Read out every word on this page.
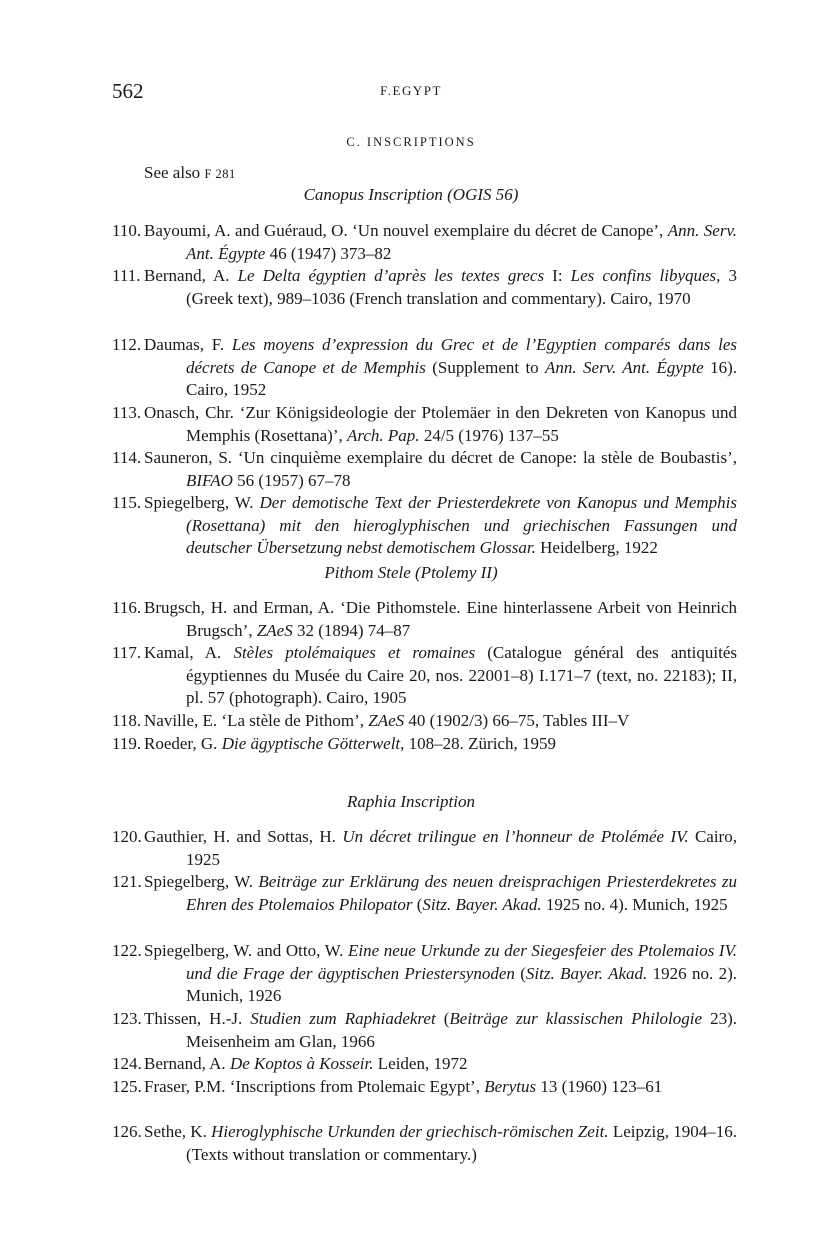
562	F.EGYPT
C. INSCRIPTIONS
See also F 281
Canopus Inscription (OGIS 56)
110. Bayoumi, A. and Guéraud, O. ‘Un nouvel exemplaire du décret de Canope’, Ann. Serv. Ant. Égypte 46 (1947) 373–82
111. Bernand, A. Le Delta égyptien d’après les textes grecs I: Les confins libyques, 3 (Greek text), 989–1036 (French translation and commentary). Cairo, 1970
112. Daumas, F. Les moyens d’expression du Grec et de l’Egyptien comparés dans les décrets de Canope et de Memphis (Supplement to Ann. Serv. Ant. Égypte 16). Cairo, 1952
113. Onasch, Chr. ‘Zur Königsideologie der Ptolemäer in den Dekreten von Kanopus und Memphis (Rosettana)’, Arch. Pap. 24/5 (1976) 137–55
114. Sauneron, S. ‘Un cinquième exemplaire du décret de Canope: la stèle de Boubastis’, BIFAO 56 (1957) 67–78
115. Spiegelberg, W. Der demotische Text der Priesterdekrete von Kanopus und Memphis (Rosettana) mit den hieroglyphischen und griechischen Fassungen und deutscher Übersetzung nebst demotischem Glossar. Heidelberg, 1922
Pithom Stele (Ptolemy II)
116. Brugsch, H. and Erman, A. ‘Die Pithomstele. Eine hinterlassene Arbeit von Heinrich Brugsch’, ZAeS 32 (1894) 74–87
117. Kamal, A. Stèles ptolémaiques et romaines (Catalogue général des antiquités égyptiennes du Musée du Caire 20, nos. 22001–8) I.171–7 (text, no. 22183); II, pl. 57 (photograph). Cairo, 1905
118. Naville, E. ‘La stèle de Pithom’, ZAeS 40 (1902/3) 66–75, Tables III–V
119. Roeder, G. Die ägyptische Götterwelt, 108–28. Zürich, 1959
Raphia Inscription
120. Gauthier, H. and Sottas, H. Un décret trilingue en l’honneur de Ptolémée IV. Cairo, 1925
121. Spiegelberg, W. Beiträge zur Erklärung des neuen dreisprachigen Priesterdekretes zu Ehren des Ptolemaios Philopator (Sitz. Bayer. Akad. 1925 no. 4). Munich, 1925
122. Spiegelberg, W. and Otto, W. Eine neue Urkunde zu der Siegesfeier des Ptolemaios IV. und die Frage der ägyptischen Priestersynoden (Sitz. Bayer. Akad. 1926 no. 2). Munich, 1926
123. Thissen, H.-J. Studien zum Raphiadekret (Beiträge zur klassischen Philologie 23). Meisenheim am Glan, 1966
124. Bernand, A. De Koptos à Kosseir. Leiden, 1972
125. Fraser, P.M. ‘Inscriptions from Ptolemaic Egypt’, Berytus 13 (1960) 123–61
126. Sethe, K. Hieroglyphische Urkunden der griechisch-römischen Zeit. Leipzig, 1904–16. (Texts without translation or commentary.)
